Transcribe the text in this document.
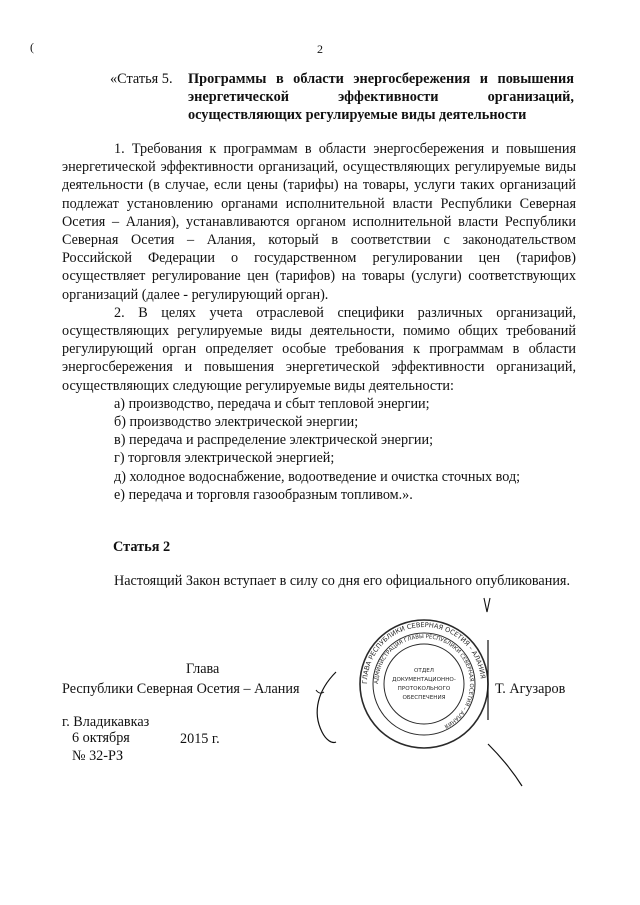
(	2
«Статья 5. Программы в области энергосбережения и повышения энергетической эффективности организаций, осуществляющих регулируемые виды деятельности

1. Требования к программам в области энергосбережения и повышения энергетической эффективности организаций, осуществляющих регулируемые виды деятельности (в случае, если цены (тарифы) на товары, услуги таких организаций подлежат установлению органами исполнительной власти Республики Северная Осетия – Алания), устанавливаются органом исполнительной власти Республики Северная Осетия – Алания, который в соответствии с законодательством Российской Федерации о государственном регулировании цен (тарифов) осуществляет регулирование цен (тарифов) на товары (услуги) соответствующих организаций (далее - регулирующий орган).

2. В целях учета отраслевой специфики различных организаций, осуществляющих регулируемые виды деятельности, помимо общих требований регулирующий орган определяет особые требования к программам в области энергосбережения и повышения энергетической эффективности организаций, осуществляющих следующие регулируемые виды деятельности:

а) производство, передача и сбыт тепловой энергии;
б) производство электрической энергии;
в) передача и распределение электрической энергии;
г) торговля электрической энергией;
д) холодное водоснабжение, водоотведение и очистка сточных вод;
е) передача и торговля газообразным топливом.».
Статья 2

Настоящий Закон вступает в силу со дня его официального опубликования.

Глава
Республики Северная Осетия – Алания	Т. Агузаров
г. Владикавказ
6 октября	2015 г.
№ 32-РЗ
ГЛАВА РЕСПУБЛИКИ СЕВЕРНАЯ ОСЕТИЯ – АЛАНИЯ
АДМИНИСТРАЦИЯ ГЛАВЫ РЕСПУБЛИКИ СЕВЕРНАЯ ОСЕТИЯ – АЛАНИЯ
ОТДЕЛ
ДОКУМЕНТАЦИОННО-
ПРОТОКОЛЬНОГО
ОБЕСПЕЧЕНИЯ
